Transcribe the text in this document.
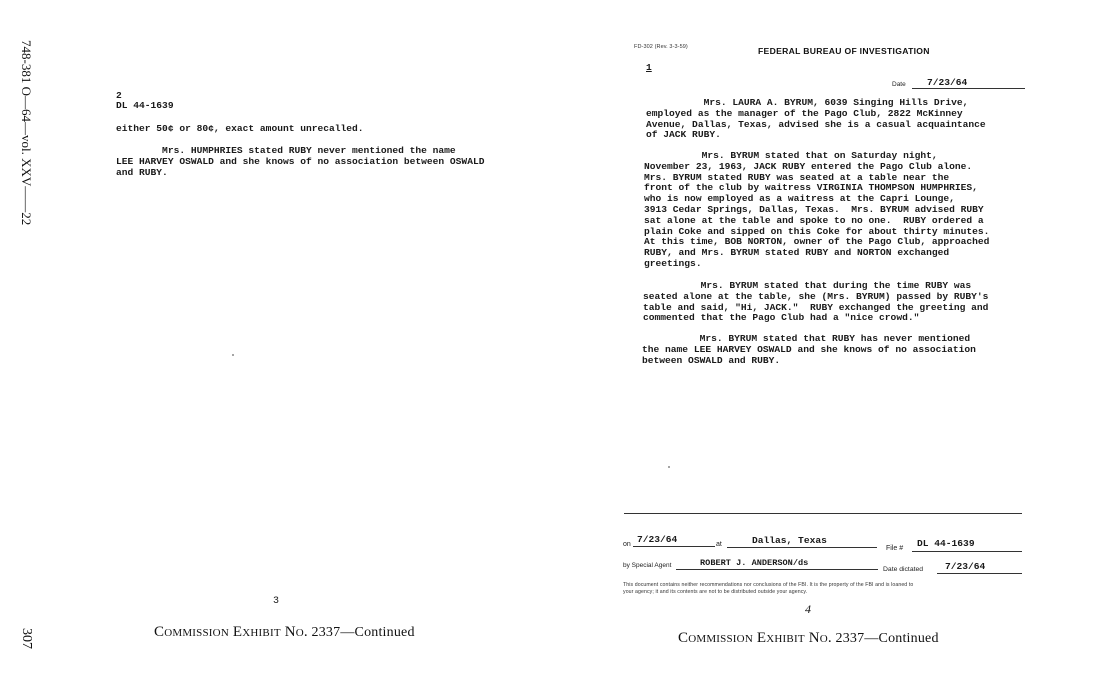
748-381 O—64—vol. XXV——22
307
2
DL 44-1639
either 50¢ or 80¢, exact amount unrecalled.
Mrs. HUMPHRIES stated RUBY never mentioned the name
LEE HARVEY OSWALD and she knows of no association between OSWALD
and RUBY.
3
Commission Exhibit No. 2337—Continued
FD-302 (Rev. 3-3-59)	FEDERAL BUREAU OF INVESTIGATION
1
Date 7/23/64
Mrs. LAURA A. BYRUM, 6039 Singing Hills Drive,
employed as the manager of the Pago Club, 2822 McKinney
Avenue, Dallas, Texas, advised she is a casual acquaintance
of JACK RUBY.
Mrs. BYRUM stated that on Saturday night,
November 23, 1963, JACK RUBY entered the Pago Club alone.
Mrs. BYRUM stated RUBY was seated at a table near the
front of the club by waitress VIRGINIA THOMPSON HUMPHRIES,
who is now employed as a waitress at the Capri Lounge,
3913 Cedar Springs, Dallas, Texas.  Mrs. BYRUM advised RUBY
sat alone at the table and spoke to no one.  RUBY ordered a
plain Coke and sipped on this Coke for about thirty minutes.
At this time, BOB NORTON, owner of the Pago Club, approached
RUBY, and Mrs. BYRUM stated RUBY and NORTON exchanged
greetings.
Mrs. BYRUM stated that during the time RUBY was
seated alone at the table, she (Mrs. BYRUM) passed by RUBY's
table and said, "Hi, JACK."  RUBY exchanged the greeting and
commented that the Pago Club had a "nice crowd."
Mrs. BYRUM stated that RUBY has never mentioned
the name LEE HARVEY OSWALD and she knows of no association
between OSWALD and RUBY.
on 7/23/64	at	Dallas, Texas
File # DL 44-1639
by Special Agent	ROBERT J. ANDERSON/ds
Date dictated 7/23/64
This document contains neither recommendations nor conclusions of the FBI. It is the property of the FBI and is loaned to
your agency; it and its contents are not to be distributed outside your agency.
4
Commission Exhibit No. 2337—Continued
